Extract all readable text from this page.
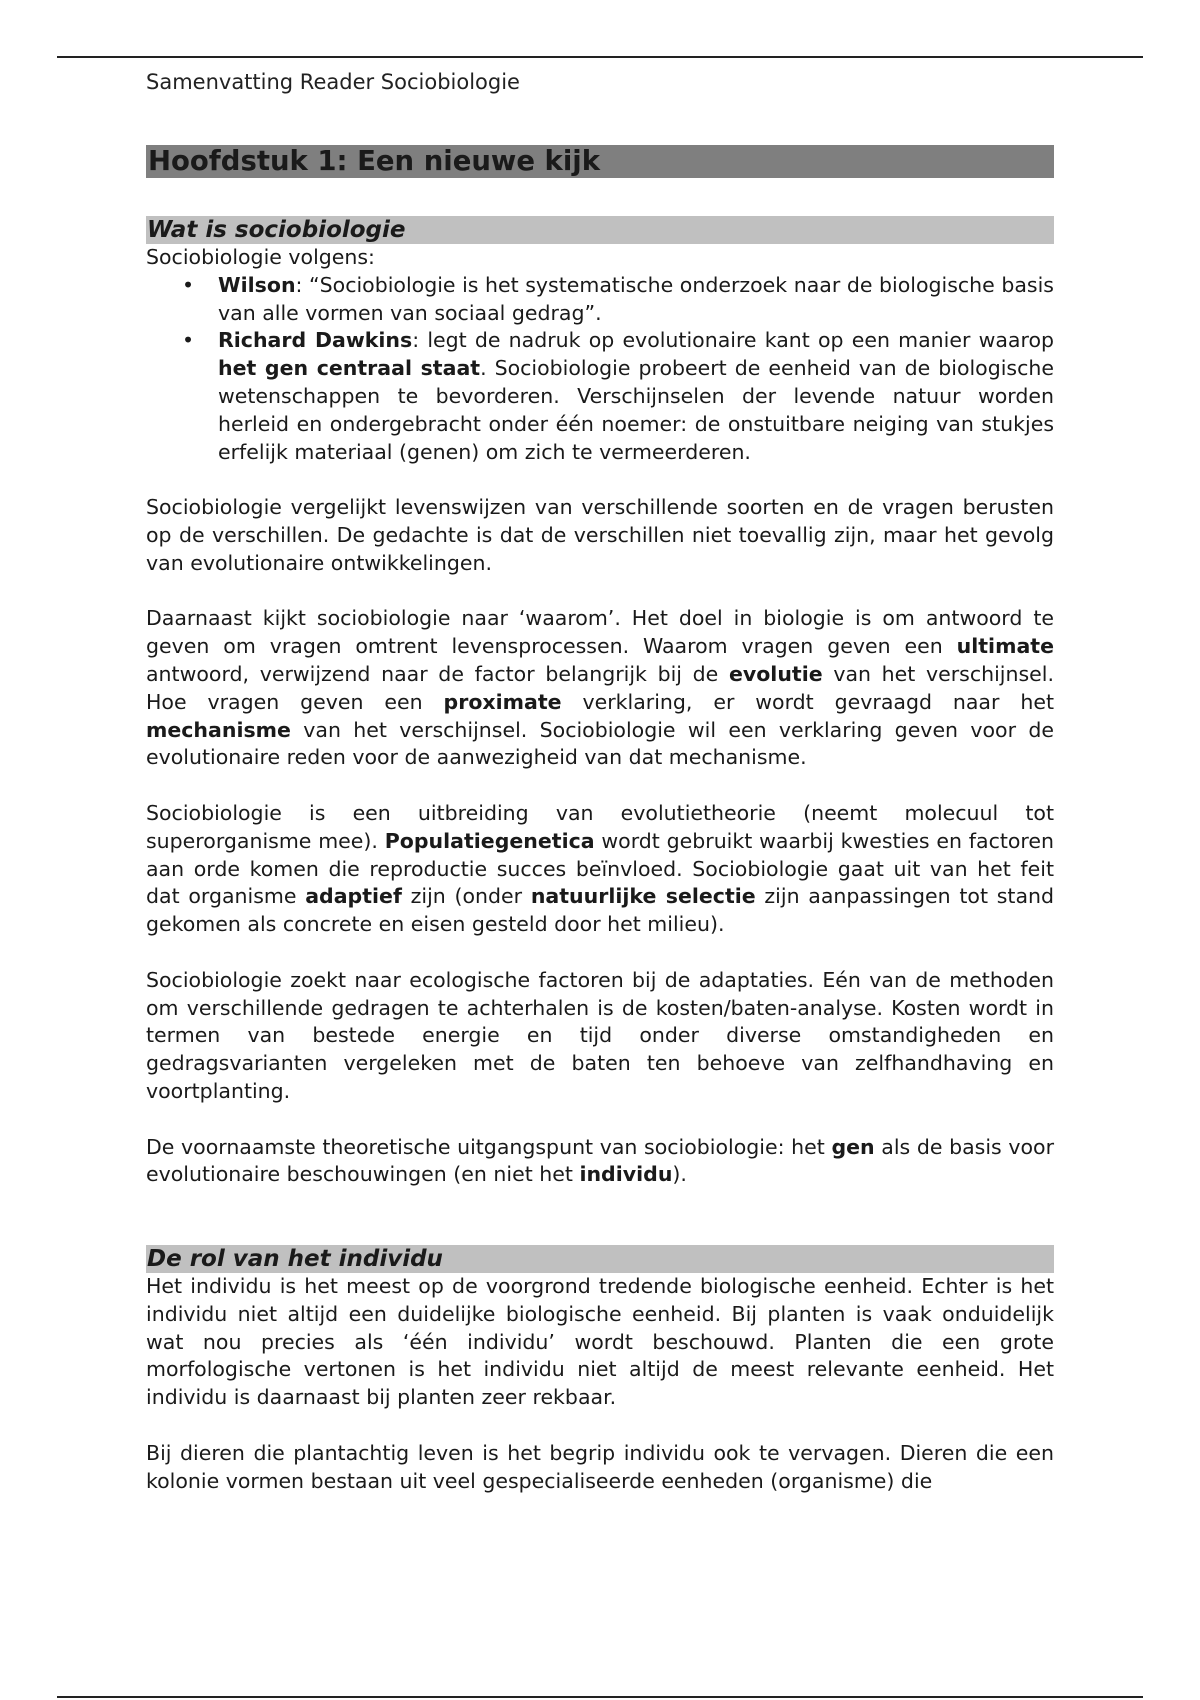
Samenvatting Reader Sociobiologie
Hoofdstuk 1: Een nieuwe kijk
Wat is sociobiologie

Sociobiologie volgens:

• Wilson: “Sociobiologie is het systematische onderzoek naar de biologische basis van alle vormen van sociaal gedrag”.
• Richard Dawkins: legt de nadruk op evolutionaire kant op een manier waarop het gen centraal staat. Sociobiologie probeert de eenheid van de biologische wetenschappen te bevorderen. Verschijnselen der levende natuur worden herleid en ondergebracht onder één noemer: de onstuitbare neiging van stukjes erfelijk materiaal (genen) om zich te vermeerderen.

Sociobiologie vergelijkt levenswijzen van verschillende soorten en de vragen berusten op de verschillen. De gedachte is dat de verschillen niet toevallig zijn, maar het gevolg van evolutionaire ontwikkelingen.

Daarnaast kijkt sociobiologie naar ‘waarom’. Het doel in biologie is om antwoord te geven om vragen omtrent levensprocessen. Waarom vragen geven een ultimate antwoord, verwijzend naar de factor belangrijk bij de evolutie van het verschijnsel. Hoe vragen geven een proximate verklaring, er wordt gevraagd naar het mechanisme van het verschijnsel. Sociobiologie wil een verklaring geven voor de evolutionaire reden voor de aanwezigheid van dat mechanisme.

Sociobiologie is een uitbreiding van evolutietheorie (neemt molecuul tot superorganisme mee). Populatiegenetica wordt gebruikt waarbij kwesties en factoren aan orde komen die reproductie succes beïnvloed. Sociobiologie gaat uit van het feit dat organisme adaptief zijn (onder natuurlijke selectie zijn aanpassingen tot stand gekomen als concrete en eisen gesteld door het milieu).

Sociobiologie zoekt naar ecologische factoren bij de adaptaties. Eén van de methoden om verschillende gedragen te achterhalen is de kosten/baten-analyse. Kosten wordt in termen van bestede energie en tijd onder diverse omstandigheden en gedragsvarianten vergeleken met de baten ten behoeve van zelfhandhaving en voortplanting.

De voornaamste theoretische uitgangspunt van sociobiologie: het gen als de basis voor evolutionaire beschouwingen (en niet het individu).

De rol van het individu

Het individu is het meest op de voorgrond tredende biologische eenheid. Echter is het individu niet altijd een duidelijke biologische eenheid. Bij planten is vaak onduidelijk wat nou precies als ‘één individu’ wordt beschouwd. Planten die een grote morfologische vertonen is het individu niet altijd de meest relevante eenheid. Het individu is daarnaast bij planten zeer rekbaar.

Bij dieren die plantachtig leven is het begrip individu ook te vervagen. Dieren die een kolonie vormen bestaan uit veel gespecialiseerde eenheden (organisme) die
